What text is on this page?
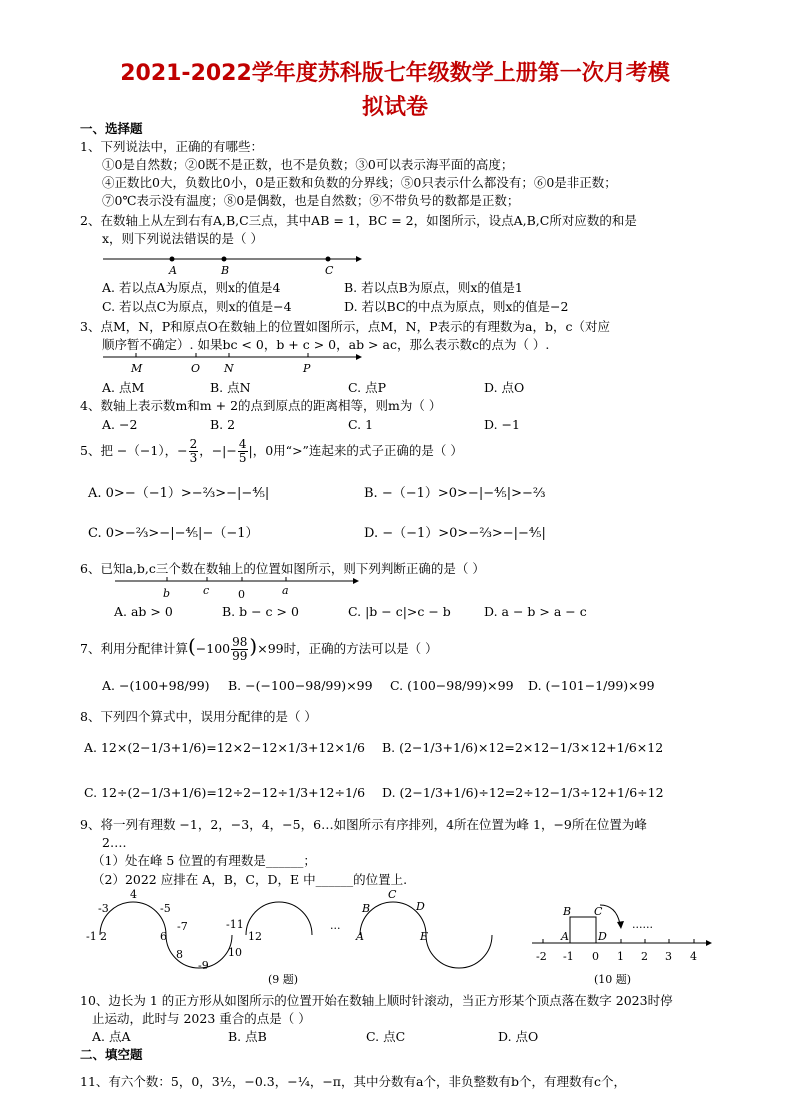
2021-2022学年度苏科版七年级数学上册第一次月考模
拟试卷
一、选择题
1、下列说法中，正确的有哪些：
①0是自然数；②0既不是正数，也不是负数；③0可以表示海平面的高度；
④正数比0大，负数比0小，0是正数和负数的分界线；⑤0只表示什么都没有；⑥0是非正数；
⑦0℃表示没有温度；⑧0是偶数，也是自然数；⑨不带负号的数都是正数；
2、在数轴上从左到右有A,B,C三点，其中AB = 1，BC = 2，如图所示，设点A,B,C所对应数的和是
x，则下列说法错误的是（ ）
A	B	C
A. 若以点A为原点，则x的值是4	B. 若以点B为原点，则x的值是1
C. 若以点C为原点，则x的值是−4	D. 若以BC的中点为原点，则x的值是−2
3、点M，N，P和原点O在数轴上的位置如图所示，点M，N，P表示的有理数为a，b，c（对应
顺序暂不确定）. 如果bc < 0，b + c > 0，ab > ac，那么表示数c的点为（ ）.
M	O N	P
A. 点M	B. 点N	C. 点P	D. 点O
4、数轴上表示数m和m + 2的点到原点的距离相等，则m为（ ）
A. −2	B. 2	C. 1	D. −1
5、把 −（−1），− $\frac{2}{3}$ ，−|− $\frac{4}{5}$ |，0用“>”连起来的式子正确的是（ ）
A. 0>−（−1）>−⅔>−|−⅘|	B. −（−1）>0>−|−⅘|>−⅔
C. 0>−⅔>−|−⅘|−（−1）	D. −（−1）>0>−⅔>−|−⅘|
6、已知a,b,c三个数在数轴上的位置如图所示，则下列判断正确的是（ ）
b	c	0	a
A. ab > 0	B. b − c > 0	C. |b − c|>c − b	D. a − b > a − c
7、利用分配律计算$(-100 \frac{98}{99} )\times 99$时，正确的方法可以是（ ）
A. −(100+98/99) B. −(−100−98/99)×99 C. (100−98/99)×99 D. (−101−1/99)×99
8、下列四个算式中，误用分配律的是（ ）
A. 12×(2−1/3+1/6)=12×2−12×1/3+12×1/6 B. (2−1/3+1/6)×12=2×12−1/3×12+1/6×12
C. 12÷(2−1/3+1/6)=12÷2−12÷1/3+12÷1/6 D. (2−1/3+1/6)÷12=2÷12−1/3÷12+1/6÷12
9、将一列有理数 −1，2，−3，4，−5，6…如图所示有序排列，4所在位置为峰 1，−9所在位置为峰
2….
（1）处在峰 5 位置的有理数是______；
（2）2022 应排在 A，B，C，D，E 中______的位置上.
-1 2
-3
4
-5
6
-7
8
-9
10
-11
12
···
A
B
C
D
E
(9 题)
-2 -1 0 1 2 3 4
A
B C
D
......
(10 题)
10、边长为 1 的正方形从如图所示的位置开始在数轴上顺时针滚动，当正方形某个顶点落在数字 2023时停
止运动，此时与 2023 重合的点是（ ）
A. 点A	B. 点B	C. 点C	D. 点O
二、填空题
11、有六个数：5，0，3½，−0.3，−¼，−π，其中分数有a个，非负整数有b个，有理数有c个，
